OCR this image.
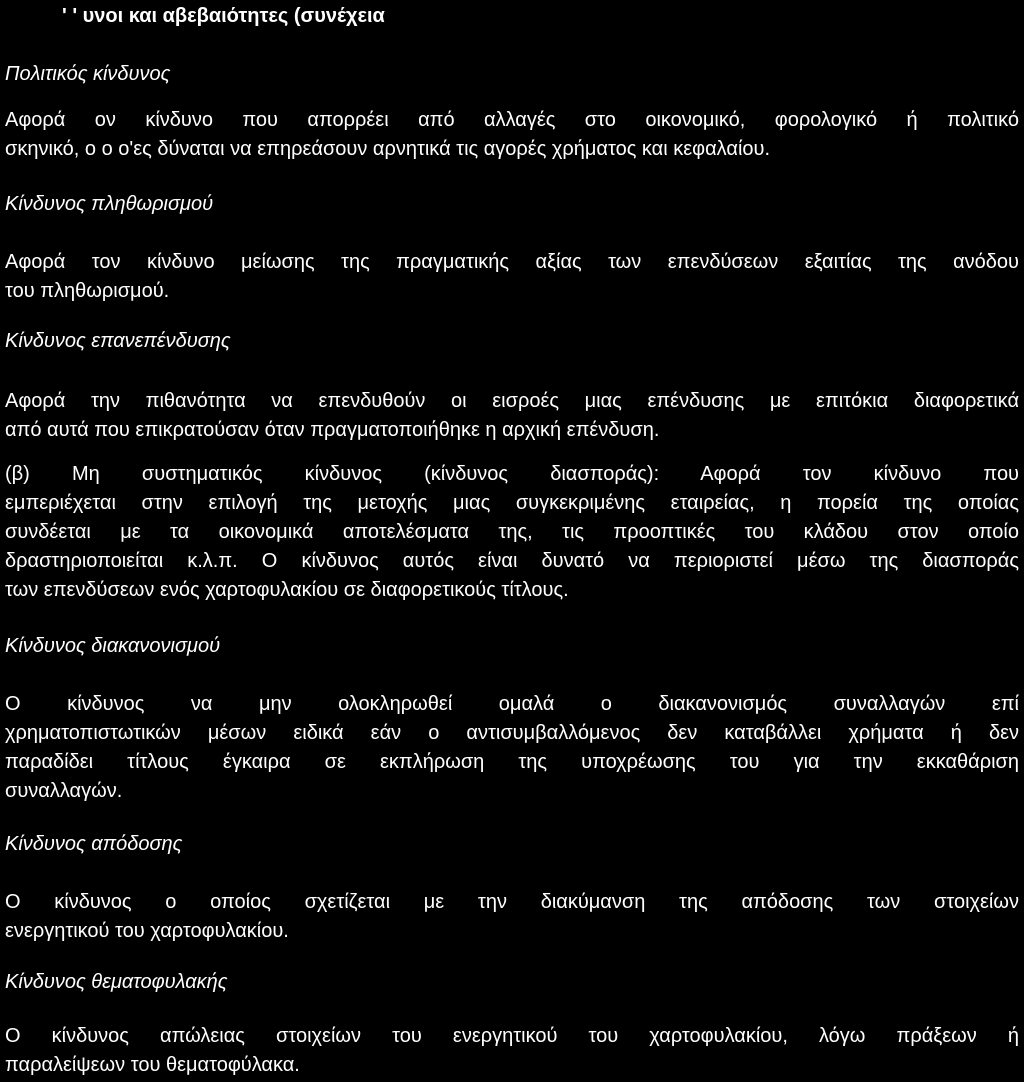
' ' υνοι και αβεβαιότητες (συνέχεια
Πολιτικός κίνδυνος
Αφορά ον κίνδυνο που απορρέει από αλλαγές στο οικονομικό, φορολογικό ή πολιτικό
σκηνικό, ο ο ο'ες δύναται να επηρεάσουν αρνητικά τις αγορές χρήματος και κεφαλαίου.
Κίνδυνος πληθωρισμού
Αφορά τον κίνδυνο μείωσης της πραγματικής αξίας των επενδύσεων εξαιτίας της ανόδου
του πληθωρισμού.
Κίνδυνος επανεπένδυσης
Αφορά την πιθανότητα να επενδυθούν οι εισροές μιας επένδυσης με επιτόκια διαφορετικά
από αυτά που επικρατούσαν όταν πραγματοποιήθηκε η αρχική επένδυση.
(β) Μη συστηματικός κίνδυνος (κίνδυνος διασποράς): Αφορά τον κίνδυνο που
εμπεριέχεται στην επιλογή της μετοχής μιας συγκεκριμένης εταιρείας, η πορεία της οποίας
συνδέεται με τα οικονομικά αποτελέσματα της, τις προοπτικές του κλάδου στον οποίο
δραστηριοποιείται κ.λ.π. Ο κίνδυνος αυτός είναι δυνατό να περιοριστεί μέσω της διασποράς
των επενδύσεων ενός χαρτοφυλακίου σε διαφορετικούς τίτλους.
Κίνδυνος διακανονισμού
Ο κίνδυνος να μην ολοκληρωθεί ομαλά ο διακανονισμός συναλλαγών επί
χρηματοπιστωτικών μέσων ειδικά εάν ο αντισυμβαλλόμενος δεν καταβάλλει χρήματα ή δεν
παραδίδει τίτλους έγκαιρα σε εκπλήρωση της υποχρέωσης του για την εκκαθάριση
συναλλαγών.
Κίνδυνος απόδοσης
Ο κίνδυνος ο οποίος σχετίζεται με την διακύμανση της απόδοσης των στοιχείων
ενεργητικού του χαρτοφυλακίου.
Κίνδυνος θεματοφυλακής
Ο κίνδυνος απώλειας στοιχείων του ενεργητικού του χαρτοφυλακίου, λόγω πράξεων ή
παραλείψεων του θεματοφύλακα.
